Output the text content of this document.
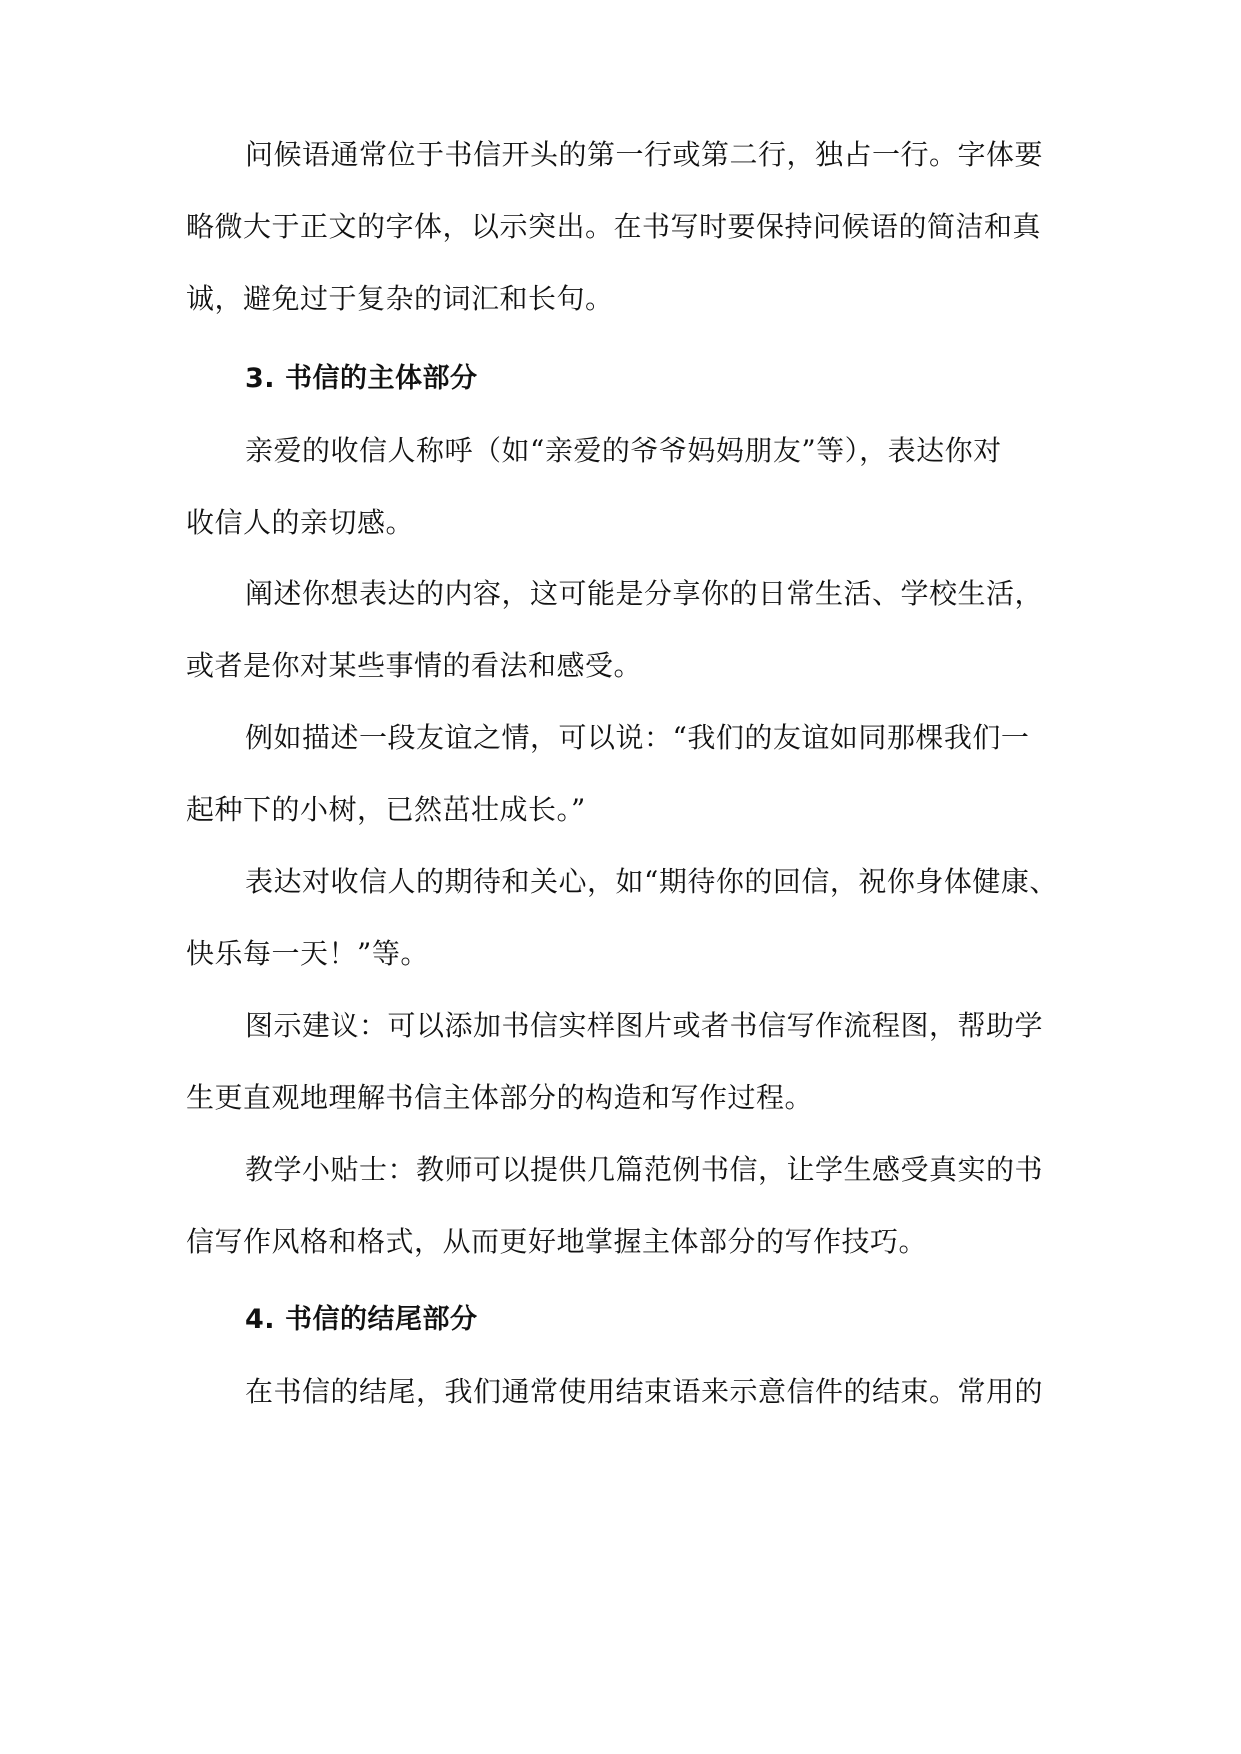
问候语通常位于书信开头的第一行或第二行，独占一行。字体要
略微大于正文的字体，以示突出。在书写时要保持问候语的简洁和真
诚，避免过于复杂的词汇和长句。
3. 书信的主体部分
亲爱的收信人称呼（如“亲爱的爷爷妈妈朋友”等），表达你对
收信人的亲切感。
阐述你想表达的内容，这可能是分享你的日常生活、学校生活，
或者是你对某些事情的看法和感受。
例如描述一段友谊之情，可以说：“我们的友谊如同那棵我们一
起种下的小树，已然茁壮成长。”
表达对收信人的期待和关心，如“期待你的回信，祝你身体健康、
快乐每一天！”等。
图示建议：可以添加书信实样图片或者书信写作流程图，帮助学
生更直观地理解书信主体部分的构造和写作过程。
教学小贴士：教师可以提供几篇范例书信，让学生感受真实的书
信写作风格和格式，从而更好地掌握主体部分的写作技巧。
4. 书信的结尾部分
在书信的结尾，我们通常使用结束语来示意信件的结束。常用的
